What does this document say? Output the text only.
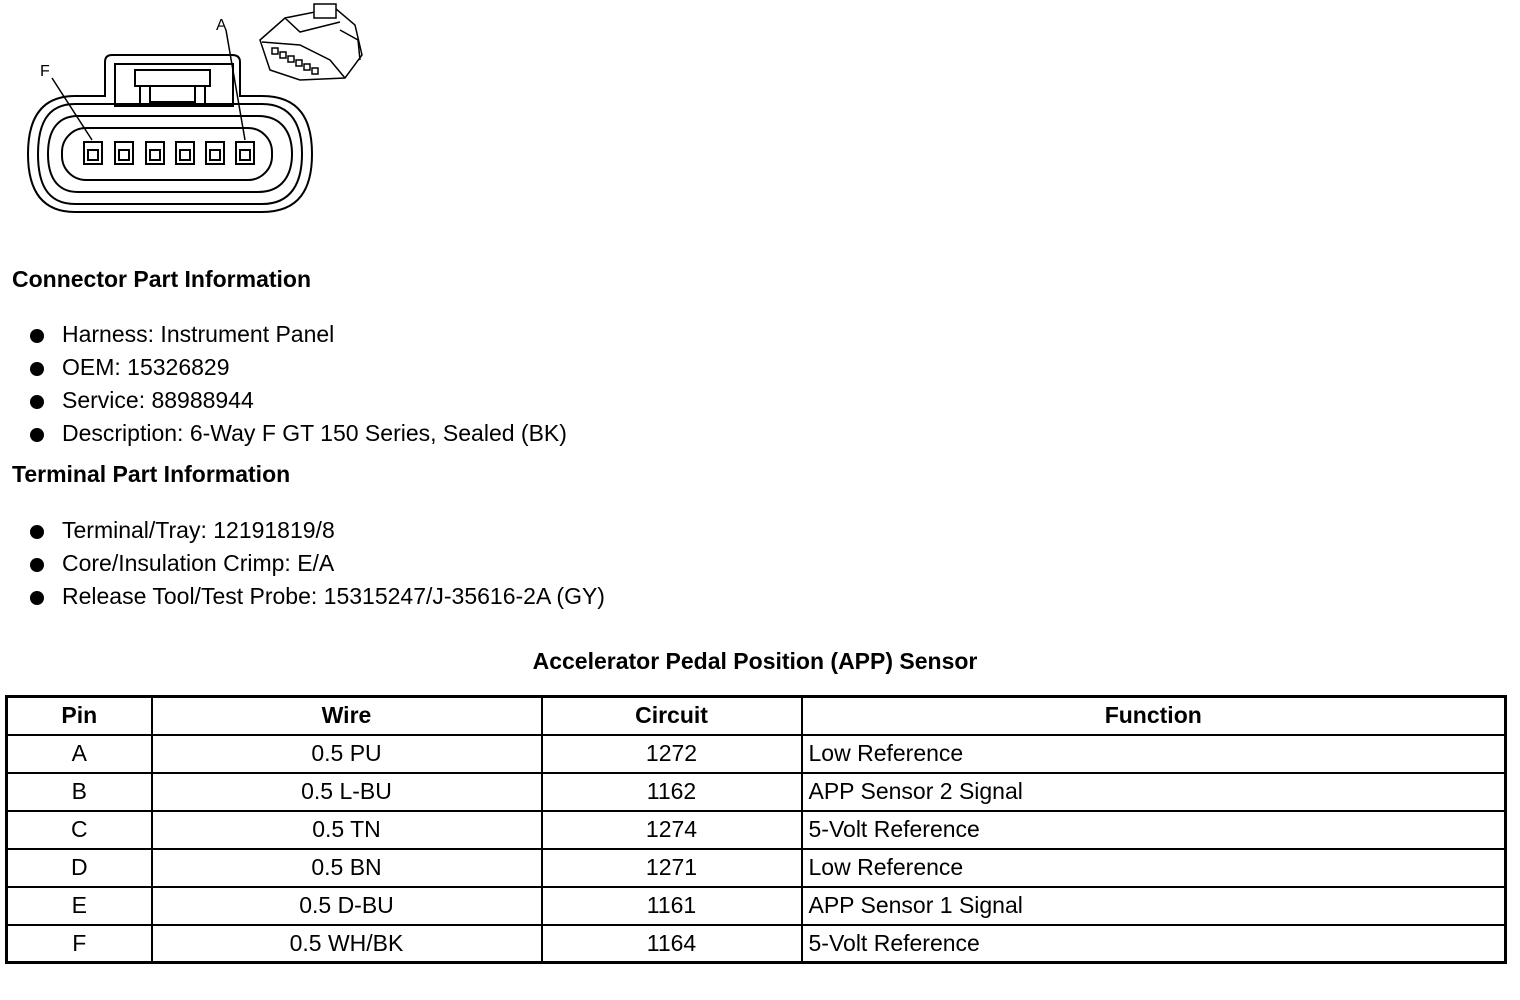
F
A
Connector Part Information
Harness: Instrument Panel
OEM: 15326829
Service: 88988944
Description: 6-Way F GT 150 Series, Sealed (BK)
Terminal Part Information
Terminal/Tray: 12191819/8
Core/Insulation Crimp: E/A
Release Tool/Test Probe: 15315247/J-35616-2A (GY)
Accelerator Pedal Position (APP) Sensor
Pin	Wire	Circuit	Function
A	0.5 PU	1272	Low Reference
B	0.5 L-BU	1162	APP Sensor 2 Signal
C	0.5 TN	1274	5-Volt Reference
D	0.5 BN	1271	Low Reference
E	0.5 D-BU	1161	APP Sensor 1 Signal
F	0.5 WH/BK	1164	5-Volt Reference
